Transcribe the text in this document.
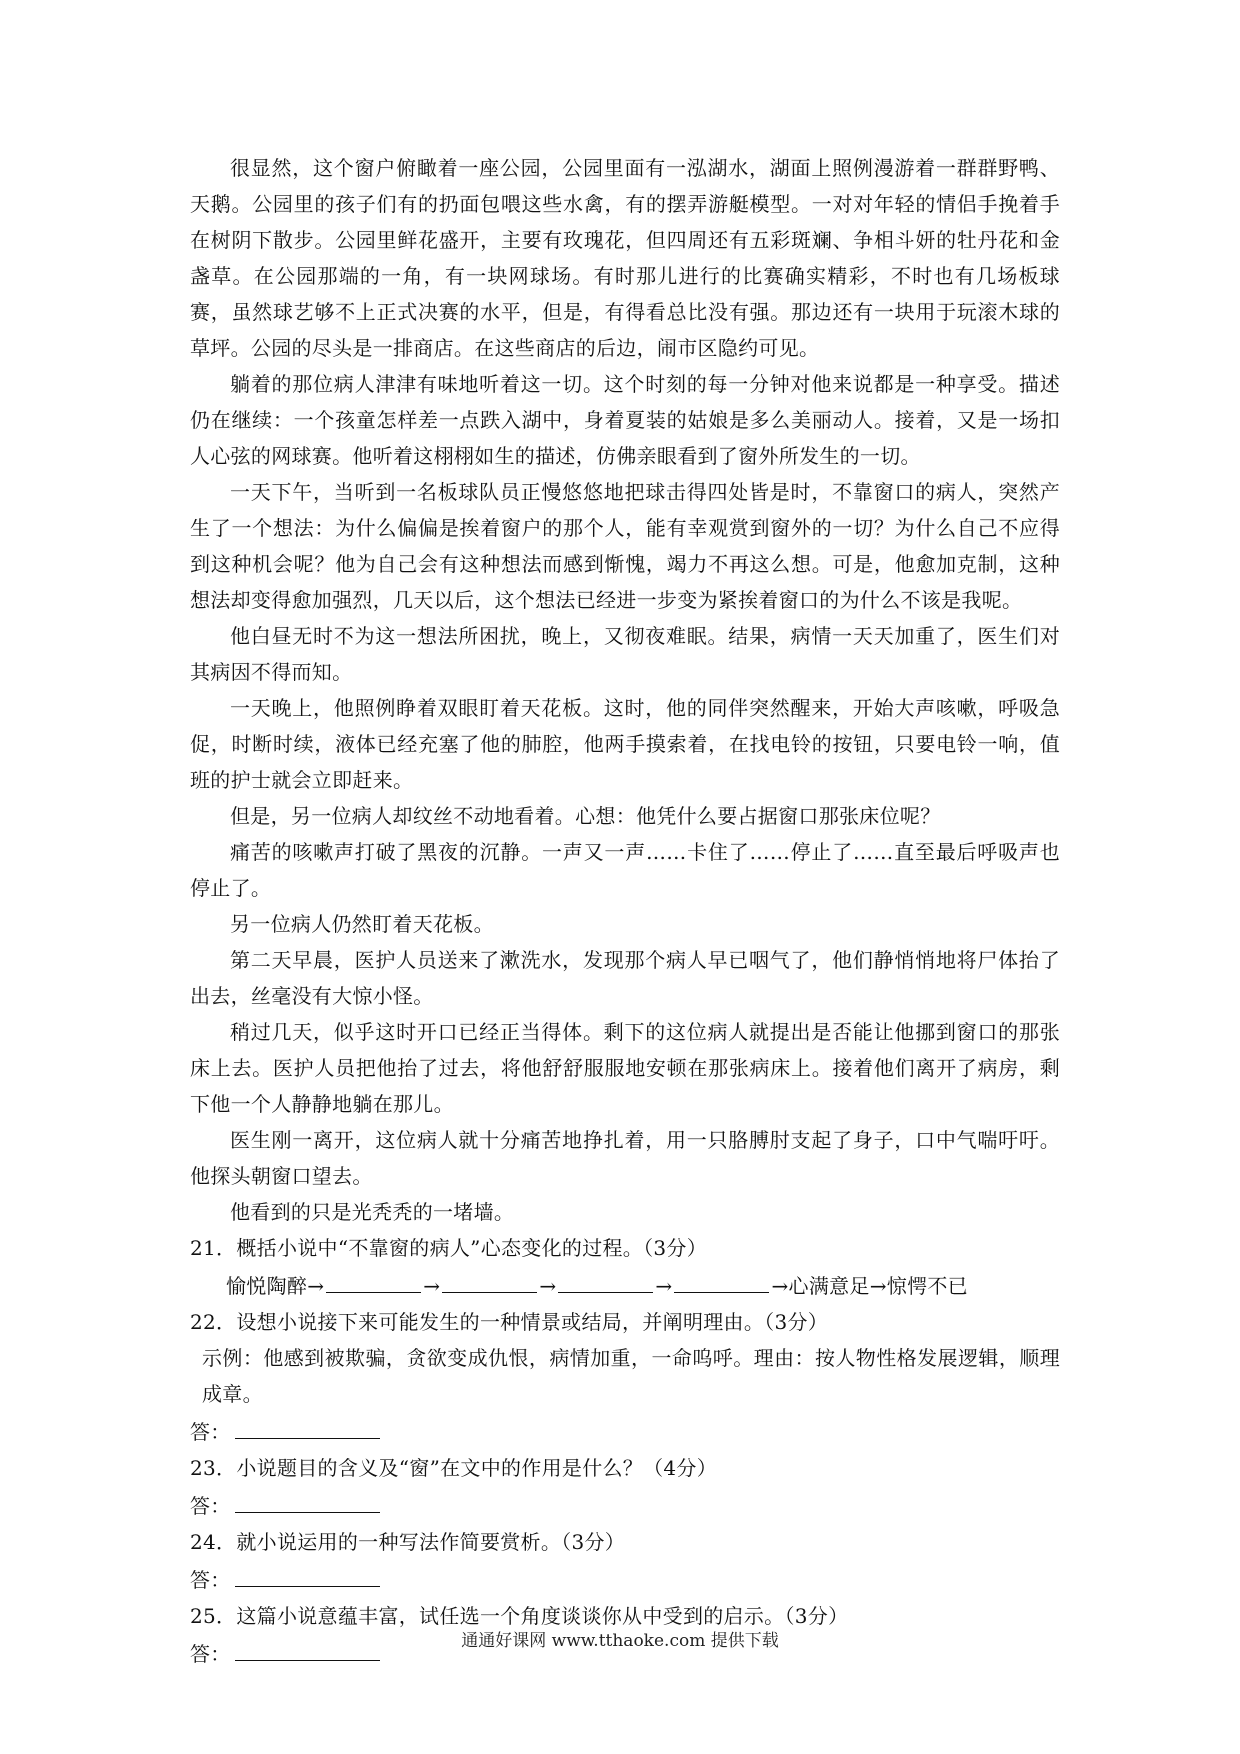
很显然，这个窗户俯瞰着一座公园，公园里面有一泓湖水，湖面上照例漫游着一群群野鸭、天鹅。公园里的孩子们有的扔面包喂这些水禽，有的摆弄游艇模型。一对对年轻的情侣手挽着手在树阴下散步。公园里鲜花盛开，主要有玫瑰花，但四周还有五彩斑斓、争相斗妍的牡丹花和金盏草。在公园那端的一角，有一块网球场。有时那儿进行的比赛确实精彩，不时也有几场板球赛，虽然球艺够不上正式决赛的水平，但是，有得看总比没有强。那边还有一块用于玩滚木球的草坪。公园的尽头是一排商店。在这些商店的后边，闹市区隐约可见。

躺着的那位病人津津有味地听着这一切。这个时刻的每一分钟对他来说都是一种享受。描述仍在继续：一个孩童怎样差一点跌入湖中，身着夏装的姑娘是多么美丽动人。接着，又是一场扣人心弦的网球赛。他听着这栩栩如生的描述，仿佛亲眼看到了窗外所发生的一切。

一天下午，当听到一名板球队员正慢悠悠地把球击得四处皆是时，不靠窗口的病人，突然产生了一个想法：为什么偏偏是挨着窗户的那个人，能有幸观赏到窗外的一切？为什么自己不应得到这种机会呢？他为自己会有这种想法而感到惭愧，竭力不再这么想。可是，他愈加克制，这种想法却变得愈加强烈，几天以后，这个想法已经进一步变为紧挨着窗口的为什么不该是我呢。

他白昼无时不为这一想法所困扰，晚上，又彻夜难眠。结果，病情一天天加重了，医生们对其病因不得而知。

一天晚上，他照例睁着双眼盯着天花板。这时，他的同伴突然醒来，开始大声咳嗽，呼吸急促，时断时续，液体已经充塞了他的肺腔，他两手摸索着，在找电铃的按钮，只要电铃一响，值班的护士就会立即赶来。

但是，另一位病人却纹丝不动地看着。心想：他凭什么要占据窗口那张床位呢？

痛苦的咳嗽声打破了黑夜的沉静。一声又一声……卡住了……停止了……直至最后呼吸声也停止了。

另一位病人仍然盯着天花板。

第二天早晨，医护人员送来了漱洗水，发现那个病人早已咽气了，他们静悄悄地将尸体抬了出去，丝毫没有大惊小怪。

稍过几天，似乎这时开口已经正当得体。剩下的这位病人就提出是否能让他挪到窗口的那张床上去。医护人员把他抬了过去，将他舒舒服服地安顿在那张病床上。接着他们离开了病房，剩下他一个人静静地躺在那儿。

医生刚一离开，这位病人就十分痛苦地挣扎着，用一只胳膊肘支起了身子，口中气喘吁吁。他探头朝窗口望去。

他看到的只是光秃秃的一堵墙。

21．概括小说中“不靠窗的病人”心态变化的过程。（3分）

愉悦陶醉→	→	→	→	→心满意足→惊愕不已

22．设想小说接下来可能发生的一种情景或结局，并阐明理由。（3分）

示例：他感到被欺骗，贪欲变成仇恨，病情加重，一命呜呼。理由：按人物性格发展逻辑，顺理成章。

答：

23．小说题目的含义及“窗”在文中的作用是什么？（4分）

答：

24．就小说运用的一种写法作简要赏析。（3分）

答：

25．这篇小说意蕴丰富，试任选一个角度谈谈你从中受到的启示。（3分）

答：

通通好课网 www.tthaoke.com 提供下载
